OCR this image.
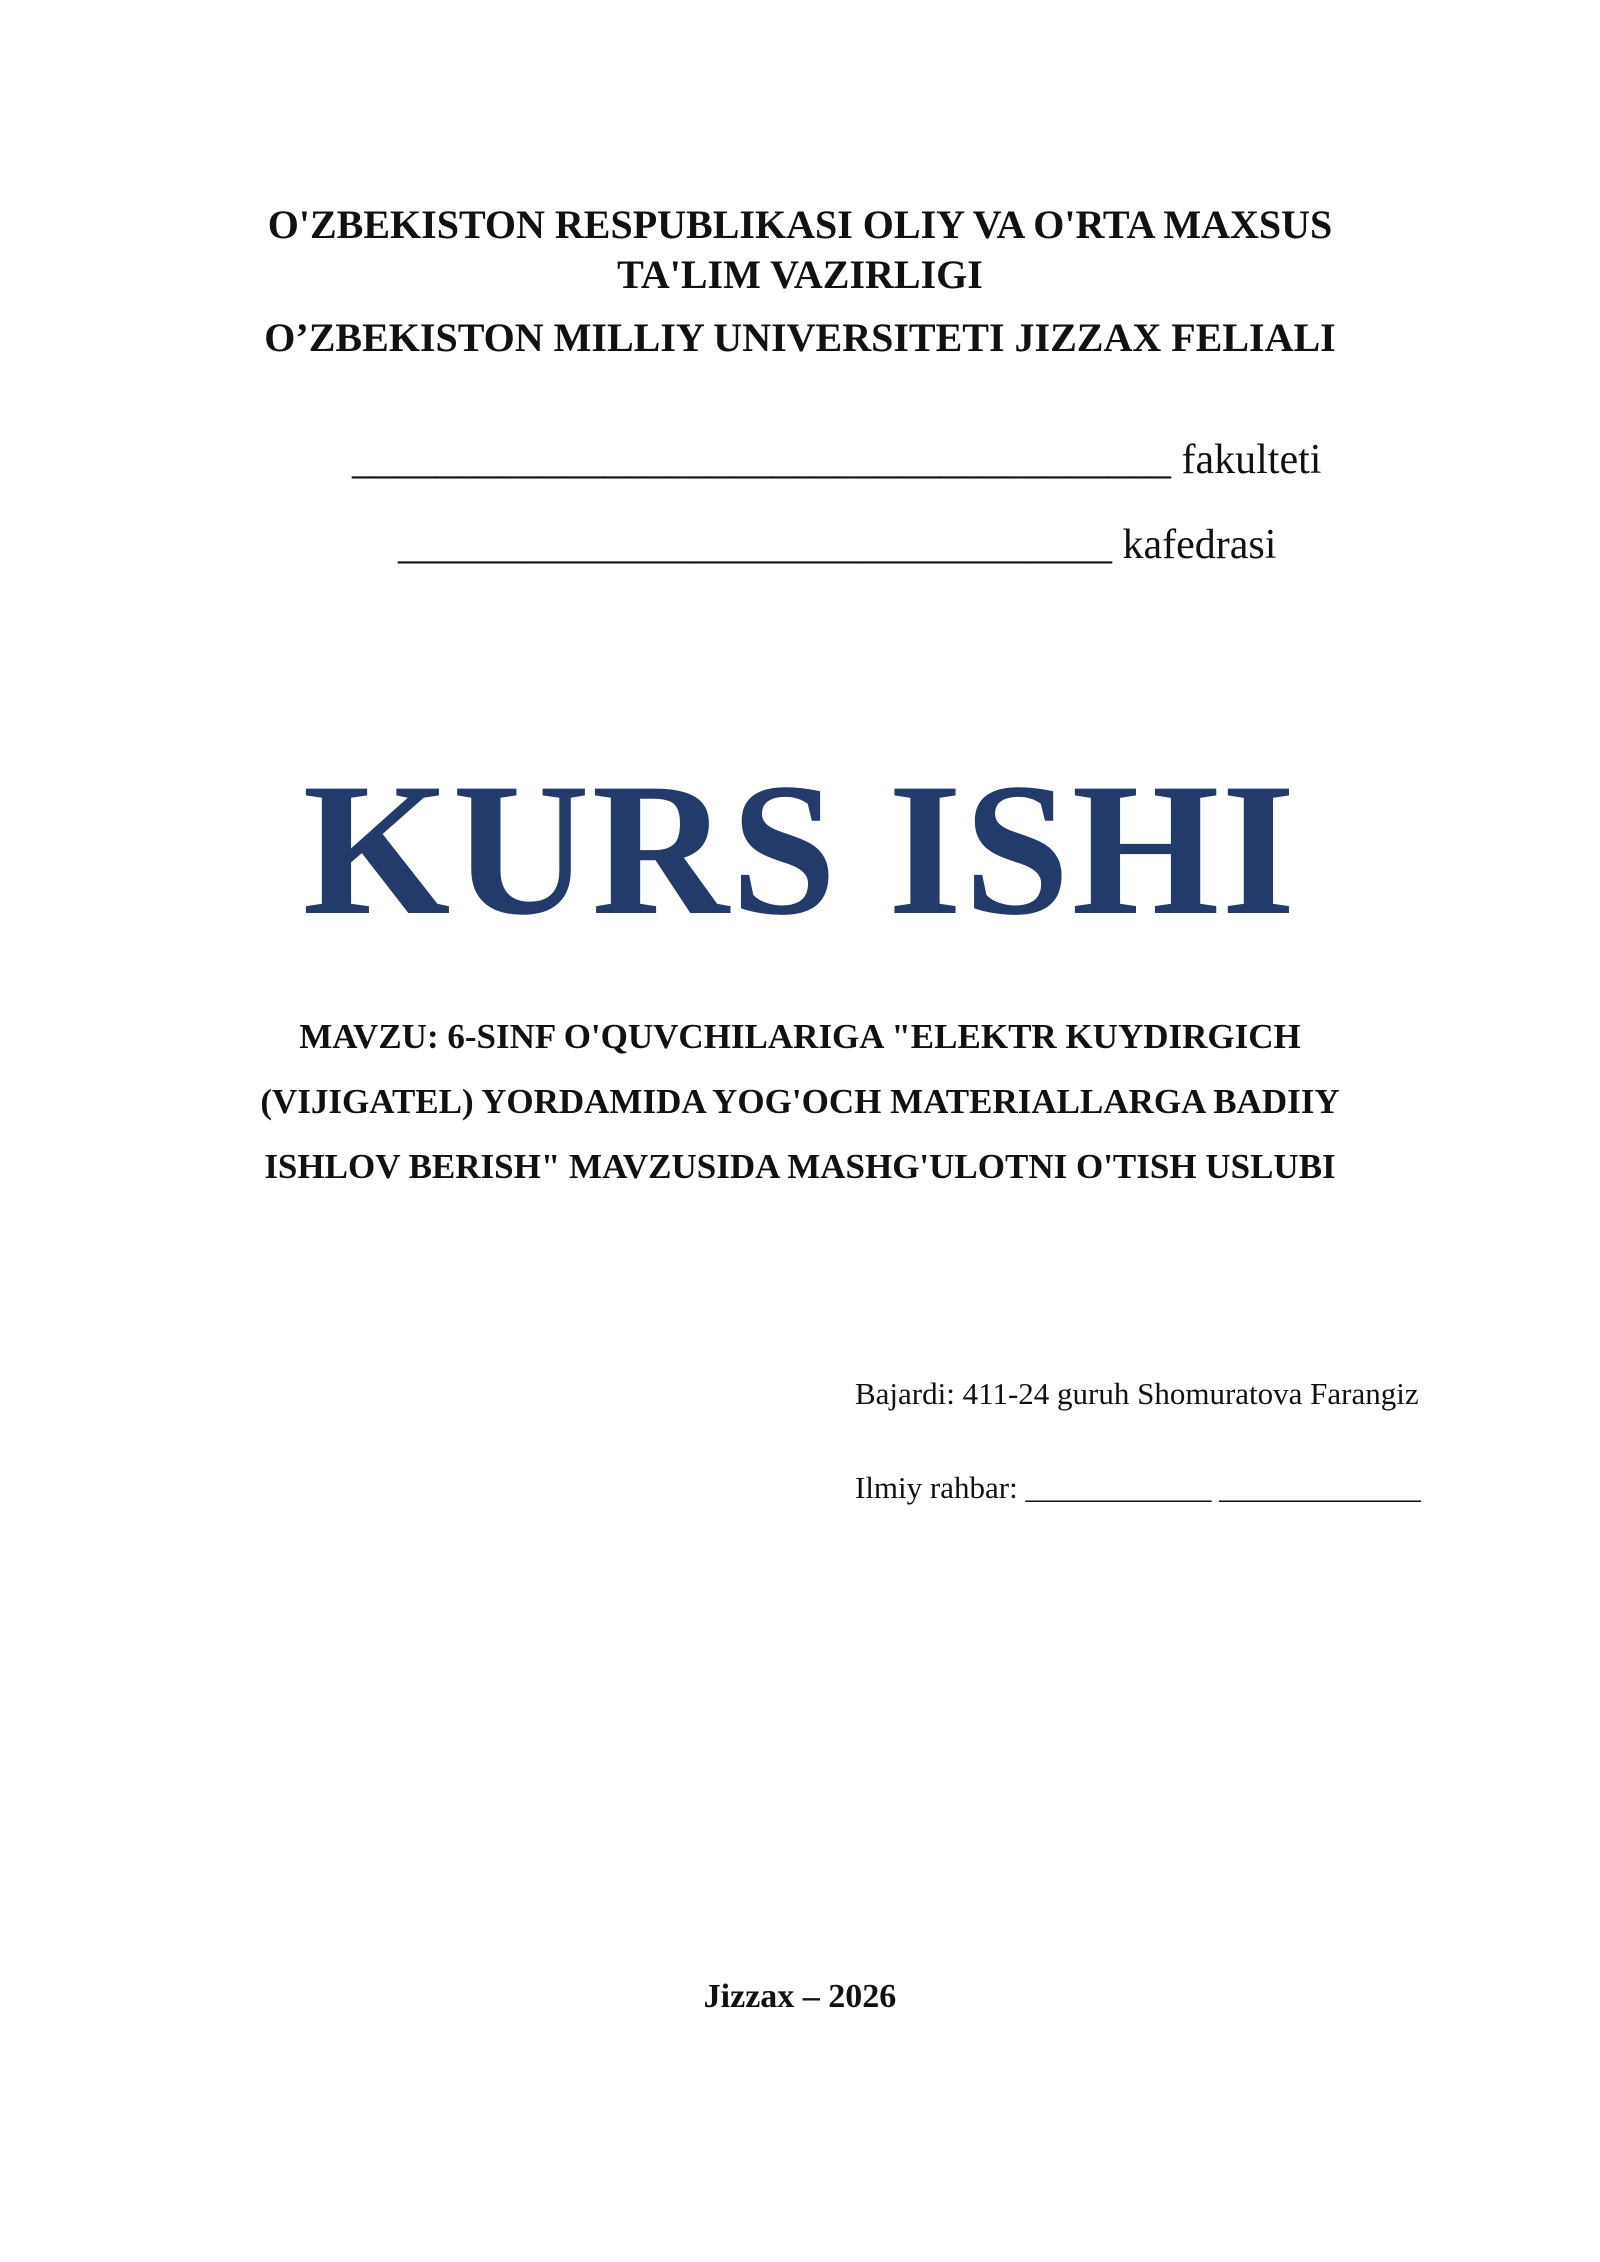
O'ZBEKISTON RESPUBLIKASI OLIY VA O'RTA MAXSUS
TA'LIM VAZIRLIGI
O’ZBEKISTON MILLIY UNIVERSITETI JIZZAX FELIALI
_______________________________________ fakulteti
__________________________________ kafedrasi
KURS ISHI
MAVZU: 6-SINF O'QUVCHILARIGA "ELEKTR KUYDIRGICH
(VIJIGATEL) YORDAMIDA YOG'OCH MATERIALLARGA BADIIY
ISHLOV BERISH" MAVZUSIDA MASHG'ULOTNI O'TISH USLUBI
Bajardi: 411-24 guruh Shomuratova Farangiz
Ilmiy rahbar: ____________ _____________
Jizzax – 2026
